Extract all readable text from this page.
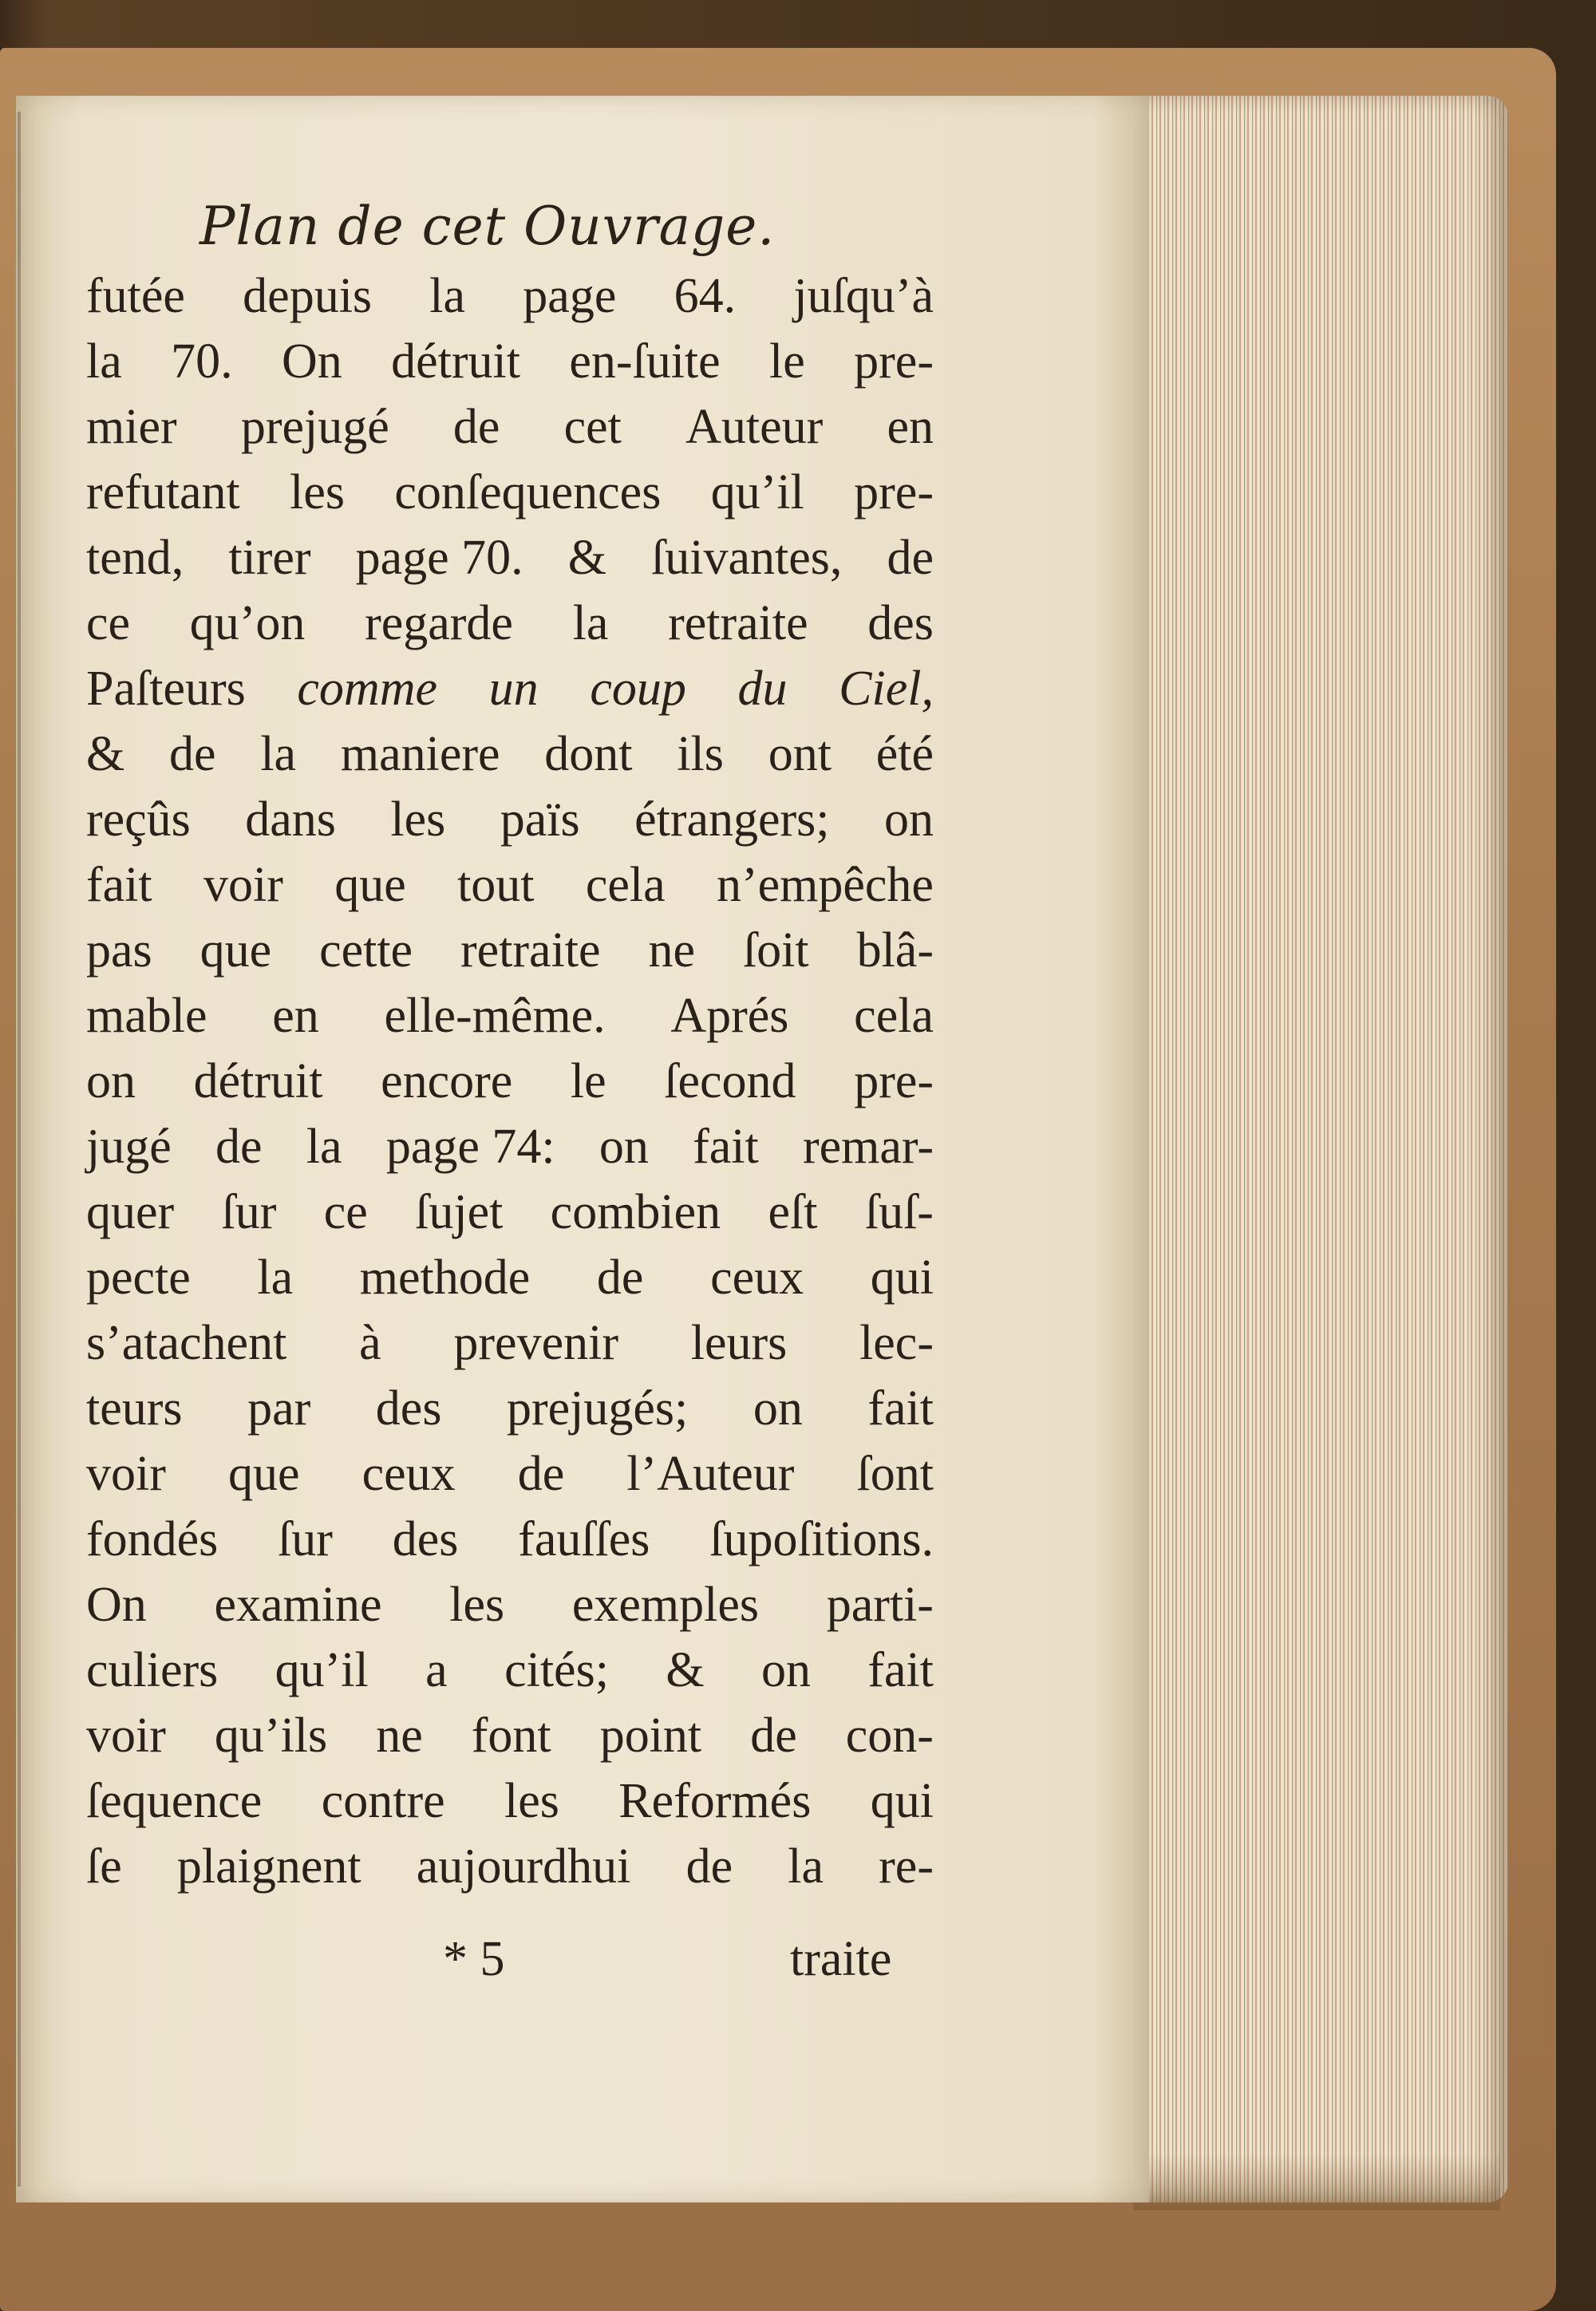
Plan de cet Ouvrage.
futée depuis la page 64. juſqu’à
la 70. On détruit en-ſuite le pre-
mier prejugé de cet Auteur en
refutant les conſequences qu’il pre-
tend, tirer page 70. & ſuivantes, de
ce qu’on regarde la retraite des
Paſteurs comme un coup du Ciel,
& de la maniere dont ils ont été
reçûs dans les païs étrangers; on
fait voir que tout cela n’empêche
pas que cette retraite ne ſoit blâ-
mable en elle-même. Aprés cela
on détruit encore le ſecond pre-
jugé de la page 74: on fait remar-
quer ſur ce ſujet combien eſt ſuſ-
pecte la methode de ceux qui
s’atachent à prevenir leurs lec-
teurs par des prejugés; on fait
voir que ceux de l’Auteur ſont
fondés ſur des fauſſes ſupoſitions.
On examine les exemples parti-
culiers qu’il a cités; & on fait
voir qu’ils ne font point de con-
ſequence contre les Reformés qui
ſe plaignent aujourdhui de la re-
* 5	traite
